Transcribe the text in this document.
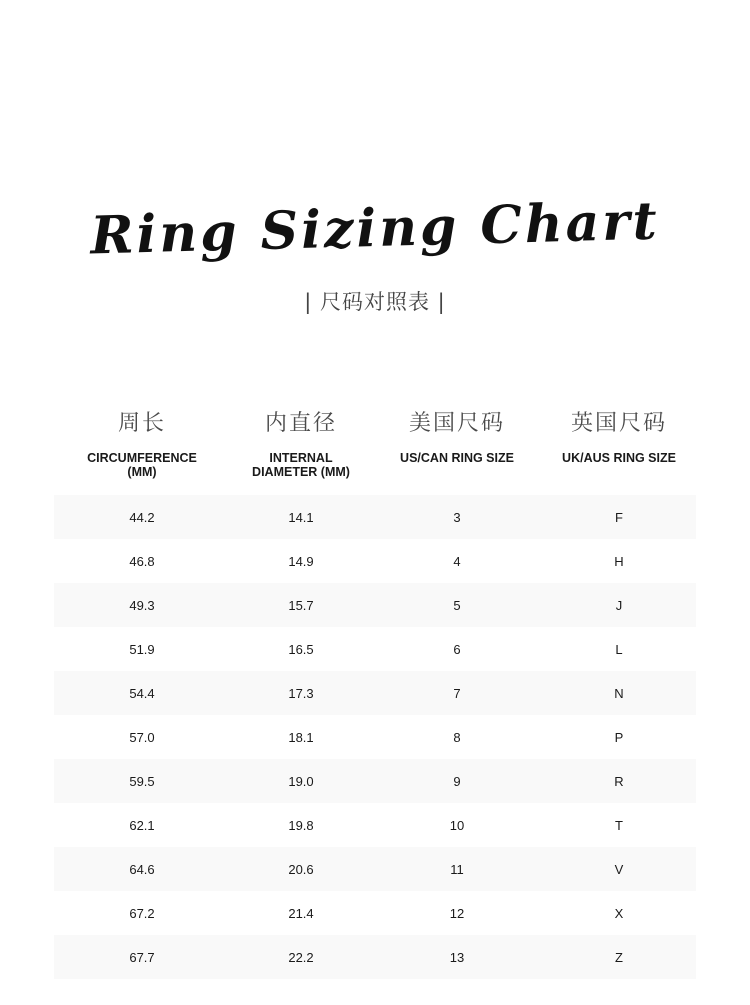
Ring Sizing Chart
| 尺码对照表 |
周长
CIRCUMFERENCE
(MM)
内直径
INTERNAL
DIAMETER (MM)
美国尺码
US/CAN RING SIZE
英国尺码
UK/AUS RING SIZE
44.2	14.1	3	F
46.8	14.9	4	H
49.3	15.7	5	J
51.9	16.5	6	L
54.4	17.3	7	N
57.0	18.1	8	P
59.5	19.0	9	R
62.1	19.8	10	T
64.6	20.6	11	V
67.2	21.4	12	X
67.7	22.2	13	Z
